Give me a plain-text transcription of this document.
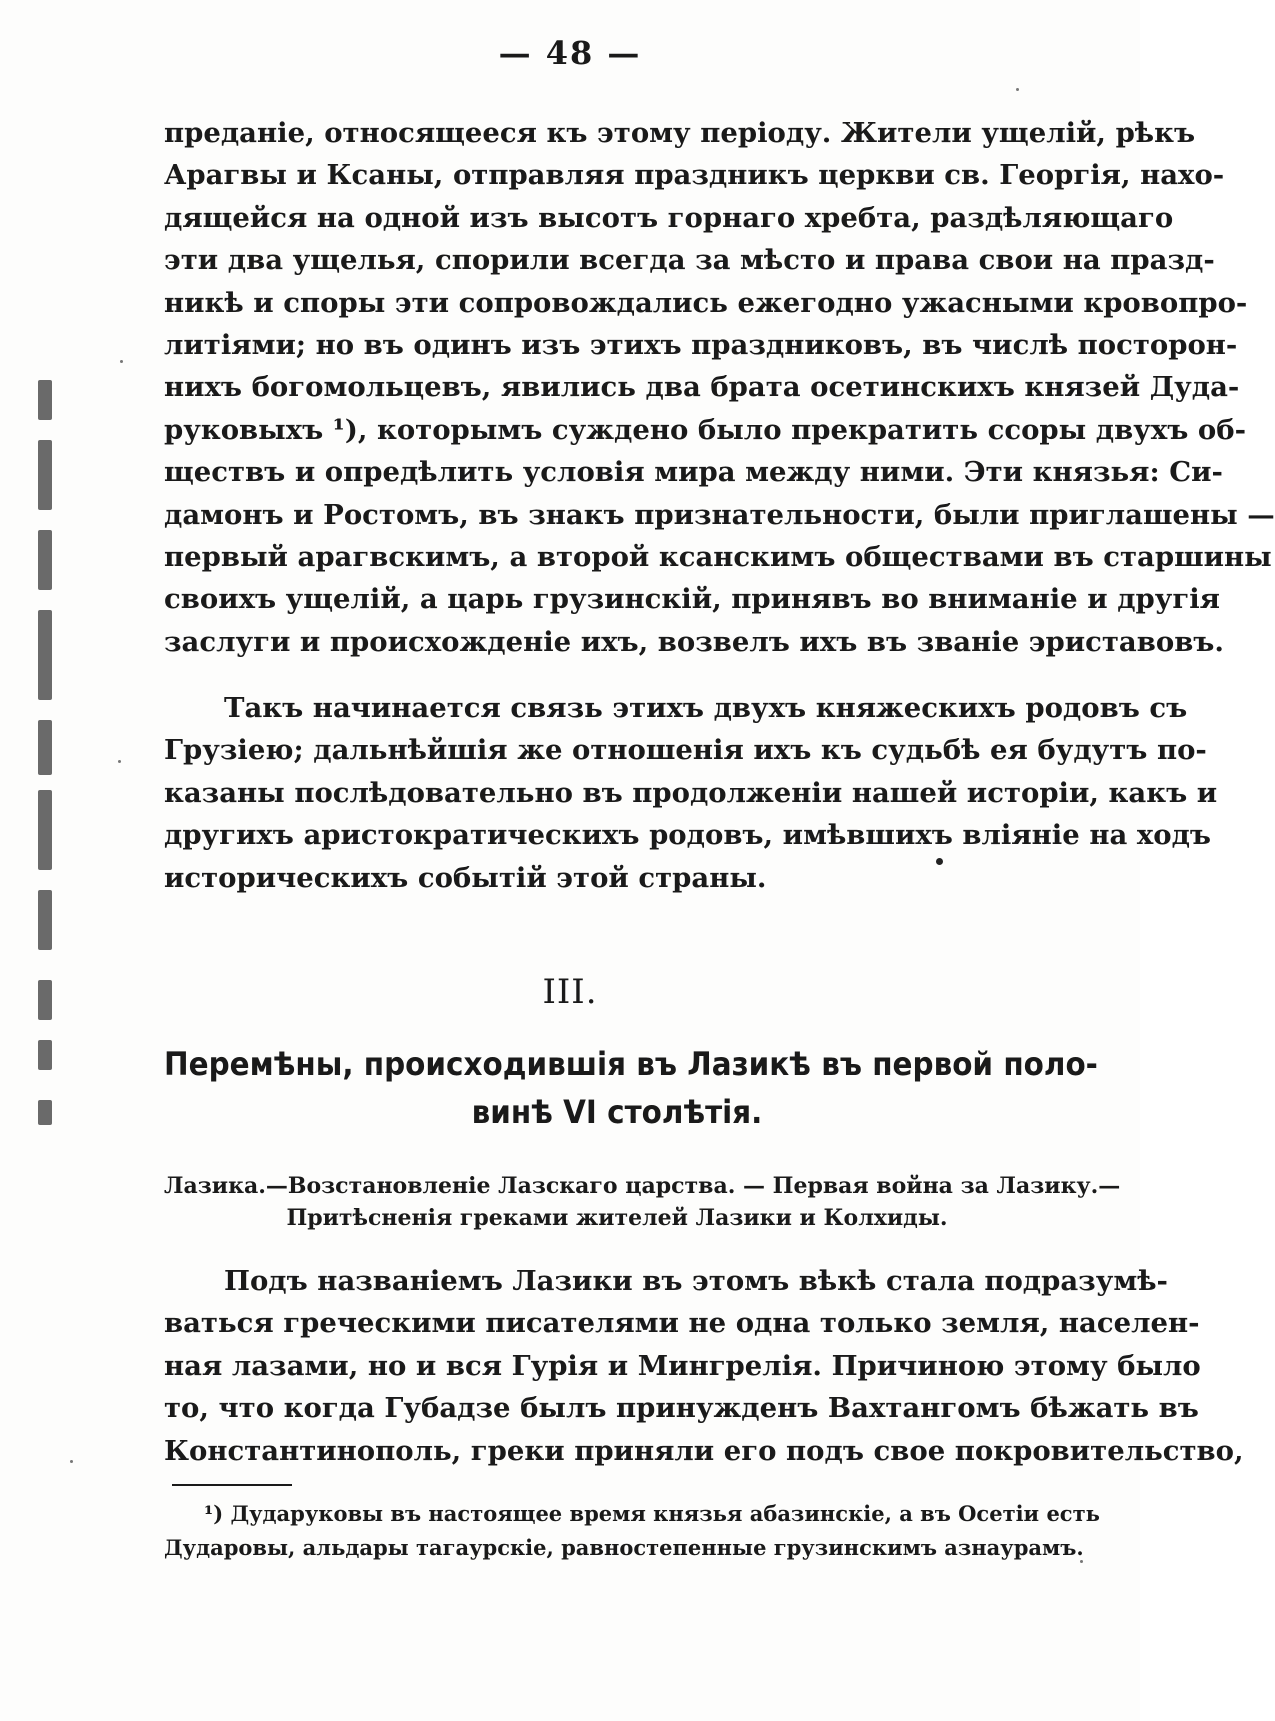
— 48 —
преданіе, относящееся къ этому періоду. Жители ущелій, рѣкъ
Арагвы и Ксаны, отправляя праздникъ церкви св. Георгія, нахо-
дящейся на одной изъ высотъ горнаго хребта, раздѣляющаго
эти два ущелья, спорили всегда за мѣсто и права свои на празд-
никѣ и споры эти сопровождались ежегодно ужасными кровопро-
литіями; но въ одинъ изъ этихъ праздниковъ, въ числѣ посторон-
нихъ богомольцевъ, явились два брата осетинскихъ князей Дуда-
руковыхъ ¹), которымъ суждено было прекратить ссоры двухъ об-
ществъ и опредѣлить условія мира между ними. Эти князья: Си-
дамонъ и Ростомъ, въ знакъ признательности, были приглашены —
первый арагвскимъ, а второй ксанскимъ обществами въ старшины
своихъ ущелій, а царь грузинскій, принявъ во вниманіе и другія
заслуги и происхожденіе ихъ, возвелъ ихъ въ званіе эриставовъ.
Такъ начинается связь этихъ двухъ княжескихъ родовъ съ
Грузіею; дальнѣйшія же отношенія ихъ къ судьбѣ ея будутъ по-
казаны послѣдовательно въ продолженіи нашей исторіи, какъ и
другихъ аристократическихъ родовъ, имѣвшихъ вліяніе на ходъ
историческихъ событій этой страны.
III.
Перемѣны, происходившія въ Лазикѣ въ первой поло-
винѣ VI столѣтія.
Лазика.—Возстановленіе Лазскаго царства. — Первая война за Лазику.—
Притѣсненія греками жителей Лазики и Колхиды.
Подъ названіемъ Лазики въ этомъ вѣкѣ стала подразумѣ-
ваться греческими писателями не одна только земля, населен-
ная лазами, но и вся Гурія и Мингрелія. Причиною этому было
то, что когда Губадзе былъ принужденъ Вахтангомъ бѣжать въ
Константинополь, греки приняли его подъ свое покровительство,
¹) Дударуковы въ настоящее время князья абазинскіе, а въ Осетіи есть
Дударовы, альдары тагаурскіе, равностепенные грузинскимъ азнаурамъ.
